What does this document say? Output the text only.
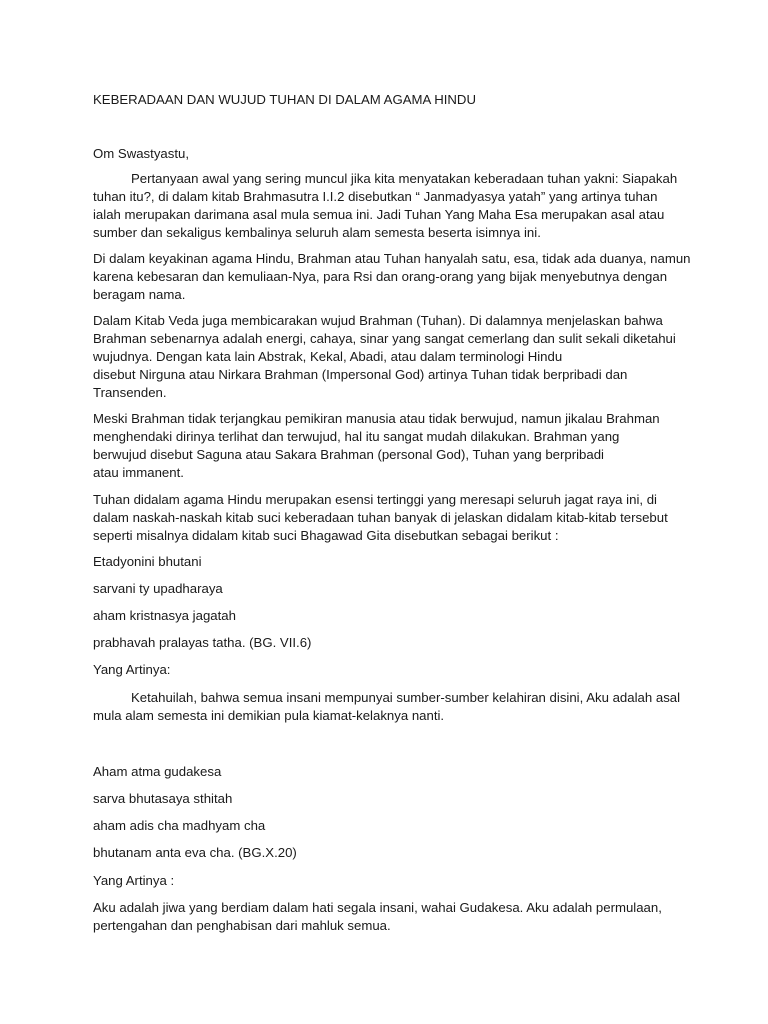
KEBERADAAN DAN WUJUD TUHAN DI DALAM AGAMA HINDU
Om Swastyastu,
Pertanyaan awal yang sering muncul jika kita menyatakan keberadaan tuhan yakni: Siapakah
tuhan itu?, di dalam kitab Brahmasutra I.I.2 disebutkan “ Janmadyasya yatah” yang artinya tuhan
ialah merupakan darimana asal mula semua ini. Jadi Tuhan Yang Maha Esa merupakan asal atau
sumber dan sekaligus kembalinya seluruh alam semesta beserta isimnya ini.
Di dalam keyakinan agama Hindu, Brahman atau Tuhan hanyalah satu, esa, tidak ada duanya, namun
karena kebesaran dan kemuliaan-Nya, para Rsi dan orang-orang yang bijak menyebutnya dengan
beragam nama.
Dalam Kitab Veda juga membicarakan wujud Brahman (Tuhan). Di dalamnya menjelaskan bahwa
Brahman sebenarnya adalah energi, cahaya, sinar yang sangat cemerlang dan sulit sekali diketahui
wujudnya. Dengan kata lain Abstrak, Kekal, Abadi, atau dalam terminologi Hindu
disebut Nirguna atau Nirkara Brahman (Impersonal God) artinya Tuhan tidak berpribadi dan
Transenden.
Meski Brahman tidak terjangkau pemikiran manusia atau tidak berwujud, namun jikalau Brahman
menghendaki dirinya terlihat dan terwujud, hal itu sangat mudah dilakukan. Brahman yang
berwujud disebut Saguna atau Sakara Brahman (personal God), Tuhan yang berpribadi
atau immanent.
Tuhan didalam agama Hindu merupakan esensi tertinggi yang meresapi seluruh jagat raya ini, di
dalam naskah-naskah kitab suci keberadaan tuhan banyak di jelaskan didalam kitab-kitab tersebut
seperti misalnya didalam kitab suci Bhagawad Gita disebutkan sebagai berikut :
Etadyonini bhutani
sarvani ty upadharaya
aham kristnasya jagatah
prabhavah pralayas tatha. (BG. VII.6)
Yang Artinya:
Ketahuilah, bahwa semua insani mempunyai sumber-sumber kelahiran disini, Aku adalah asal
mula alam semesta ini demikian pula kiamat-kelaknya nanti.
Aham atma gudakesa
sarva bhutasaya sthitah
aham adis cha madhyam cha
bhutanam anta eva cha. (BG.X.20)
Yang Artinya :
Aku adalah jiwa yang berdiam dalam hati segala insani, wahai Gudakesa. Aku adalah permulaan,
pertengahan dan penghabisan dari mahluk semua.
